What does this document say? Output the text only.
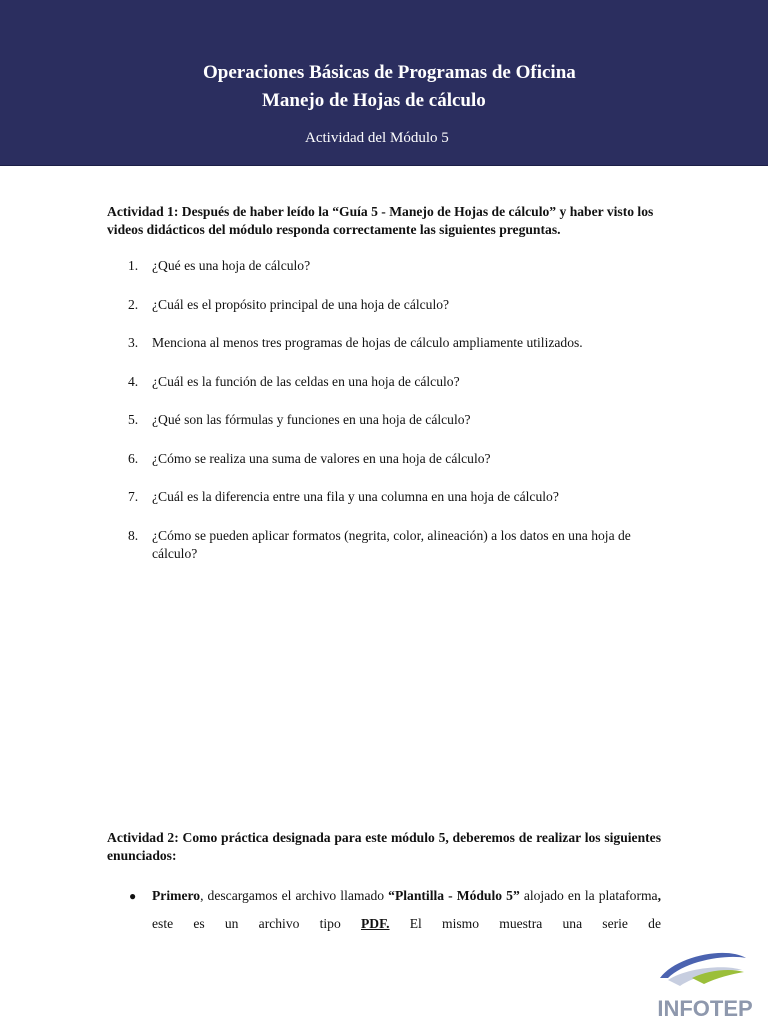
Operaciones Básicas de Programas de Oficina
Manejo de Hojas de cálculo
Actividad del Módulo 5

Actividad 1: Después de haber leído la “Guía 5 - Manejo de Hojas de cálculo” y haber visto los videos didácticos del módulo responda correctamente las siguientes preguntas.

1. ¿Qué es una hoja de cálculo?
2. ¿Cuál es el propósito principal de una hoja de cálculo?
3. Menciona al menos tres programas de hojas de cálculo ampliamente utilizados.
4. ¿Cuál es la función de las celdas en una hoja de cálculo?
5. ¿Qué son las fórmulas y funciones en una hoja de cálculo?
6. ¿Cómo se realiza una suma de valores en una hoja de cálculo?
7. ¿Cuál es la diferencia entre una fila y una columna en una hoja de cálculo?
8. ¿Cómo se pueden aplicar formatos (negrita, color, alineación) a los datos en una hoja de cálculo?

Actividad 2: Como práctica designada para este módulo 5, deberemos de realizar los siguientes enunciados:

● Primero, descargamos el archivo llamado “Plantilla - Módulo 5” alojado en la plataforma, este es un archivo tipo PDF. El mismo muestra una serie de
INFOTEP
